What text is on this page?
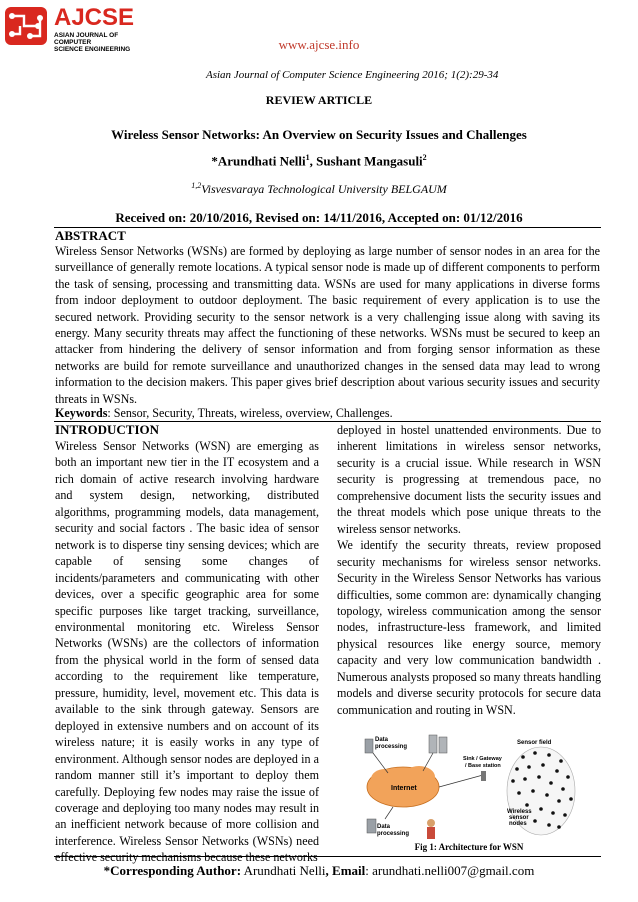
AJCSE
ASIAN JOURNAL OF COMPUTER
SCIENCE ENGINEERING	www.ajcse.info
Asian Journal of Computer Science Engineering 2016; 1(2):29-34
REVIEW ARTICLE
Wireless Sensor Networks: An Overview on Security Issues and Challenges
*Arundhati Nelli$^1$, Sushant Mangasuli$^2$
$^{1,2}$Visvesvaraya Technological University BELGAUM
Received on: 20/10/2016, Revised on: 14/11/2016, Accepted on: 01/12/2016
ABSTRACT
Wireless Sensor Networks (WSNs) are formed by deploying as large number of sensor nodes in an area for the surveillance of generally remote locations. A typical sensor node is made up of different components to perform the task of sensing, processing and transmitting data. WSNs are used for many applications in diverse forms from indoor deployment to outdoor deployment. The basic requirement of every application is to use the secured network. Providing security to the sensor network is a very challenging issue along with saving its energy. Many security threats may affect the functioning of these networks. WSNs must be secured to keep an attacker from hindering the delivery of sensor information and from forging sensor information as these networks are build for remote surveillance and unauthorized changes in the sensed data may lead to wrong information to the decision makers. This paper gives brief description about various security issues and security threats in WSNs.
Keywords: Sensor, Security, Threats, wireless, overview, Challenges.
INTRODUCTION

Wireless Sensor Networks (WSN) are emerging as both an important new tier in the IT ecosystem and a rich domain of active research involving hardware and system design, networking, distributed algorithms, programming models, data management, security and social factors . The basic idea of sensor network is to disperse tiny sensing devices; which are capable of sensing some changes of incidents/parameters and communicating with other devices, over a specific geographic area for some specific purposes like target tracking, surveillance, environmental monitoring etc. Wireless Sensor Networks (WSNs) are the collectors of information from the physical world in the form of sensed data according to the requirement like temperature, pressure, humidity, level, movement etc. This data is available to the sink through gateway. Sensors are deployed in extensive numbers and on account of its wireless nature; it is easily works in any type of environment. Although sensor nodes are deployed in a random manner still it’s important to deploy them carefully. Deploying few nodes may raise the issue of coverage and deploying too many nodes may result in an inefficient network because of more collision and interference. Wireless Sensor Networks (WSNs) need effective security mechanisms because these networks

deployed in hostel unattended environments. Due to inherent limitations in wireless sensor networks, security is a crucial issue. While research in WSN security is progressing at tremendous pace, no comprehensive document lists the security issues and the threat models which pose unique threats to the wireless sensor networks.

We identify the security threats, review proposed security mechanisms for wireless sensor networks. Security in the Wireless Sensor Networks has various difficulties, some common are: dynamically changing topology, wireless communication among the sensor nodes, infrastructure-less framework, and limited physical resources like energy source, memory capacity and very low communication bandwidth . Numerous analysts proposed so many threats handling models and diverse security protocols for secure data communication and routing in WSN.

Data
processing
Internet
Sink / Gateway
/ Base station
Sensor field
Wireless
sensor
nodes
Data
processing
Fig 1: Architecture for WSN
*Corresponding Author: Arundhati Nelli, Email: arundhati.nelli007@gmail.com
